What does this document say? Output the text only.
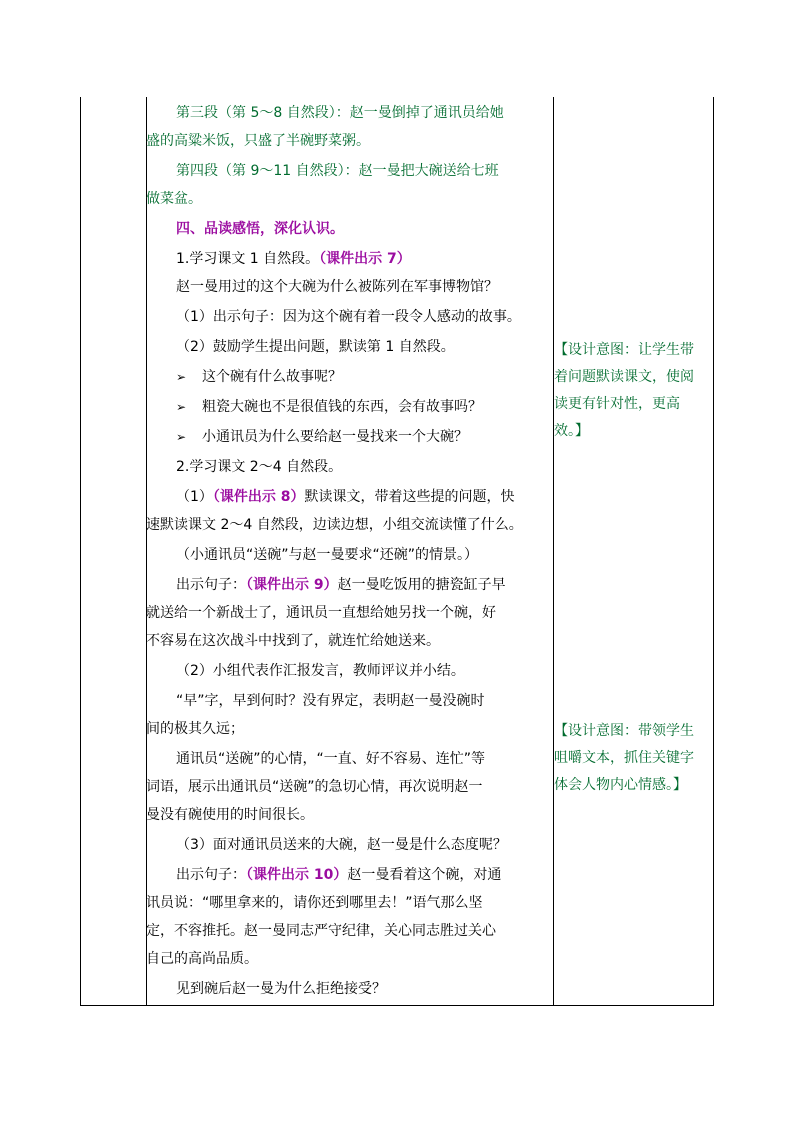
第三段（第 5～8 自然段）：赵一曼倒掉了通讯员给她
盛的高粱米饭，只盛了半碗野菜粥。
第四段（第 9～11 自然段）：赵一曼把大碗送给七班
做菜盆。
四、品读感悟，深化认识。
1.学习课文 1 自然段。（课件出示 7）
赵一曼用过的这个大碗为什么被陈列在军事博物馆？
（1）出示句子：因为这个碗有着一段令人感动的故事。
（2）鼓励学生提出问题，默读第 1 自然段。
➢ 这个碗有什么故事呢？
➢ 粗瓷大碗也不是很值钱的东西，会有故事吗？
➢ 小通讯员为什么要给赵一曼找来一个大碗？
2.学习课文 2～4 自然段。
（1）（课件出示 8）默读课文，带着这些提的问题，快
速默读课文 2～4 自然段，边读边想，小组交流读懂了什么。
（小通讯员“送碗”与赵一曼要求“还碗”的情景。）
出示句子：（课件出示 9）赵一曼吃饭用的搪瓷缸子早
就送给一个新战士了，通讯员一直想给她另找一个碗，好
不容易在这次战斗中找到了，就连忙给她送来。
（2）小组代表作汇报发言，教师评议并小结。
“早”字，早到何时？没有界定，表明赵一曼没碗时
间的极其久远；
通讯员“送碗”的心情，“一直、好不容易、连忙”等
词语，展示出通讯员“送碗”的急切心情，再次说明赵一
曼没有碗使用的时间很长。
（3）面对通讯员送来的大碗，赵一曼是什么态度呢？
出示句子：（课件出示 10）赵一曼看着这个碗，对通
讯员说：“哪里拿来的，请你还到哪里去！”语气那么坚
定，不容推托。赵一曼同志严守纪律，关心同志胜过关心
自己的高尚品质。
见到碗后赵一曼为什么拒绝接受？
【设计意图：让学生带
着问题默读课文，使阅
读更有针对性，更高
效。】
【设计意图：带领学生
咀嚼文本，抓住关键字
体会人物内心情感。】
